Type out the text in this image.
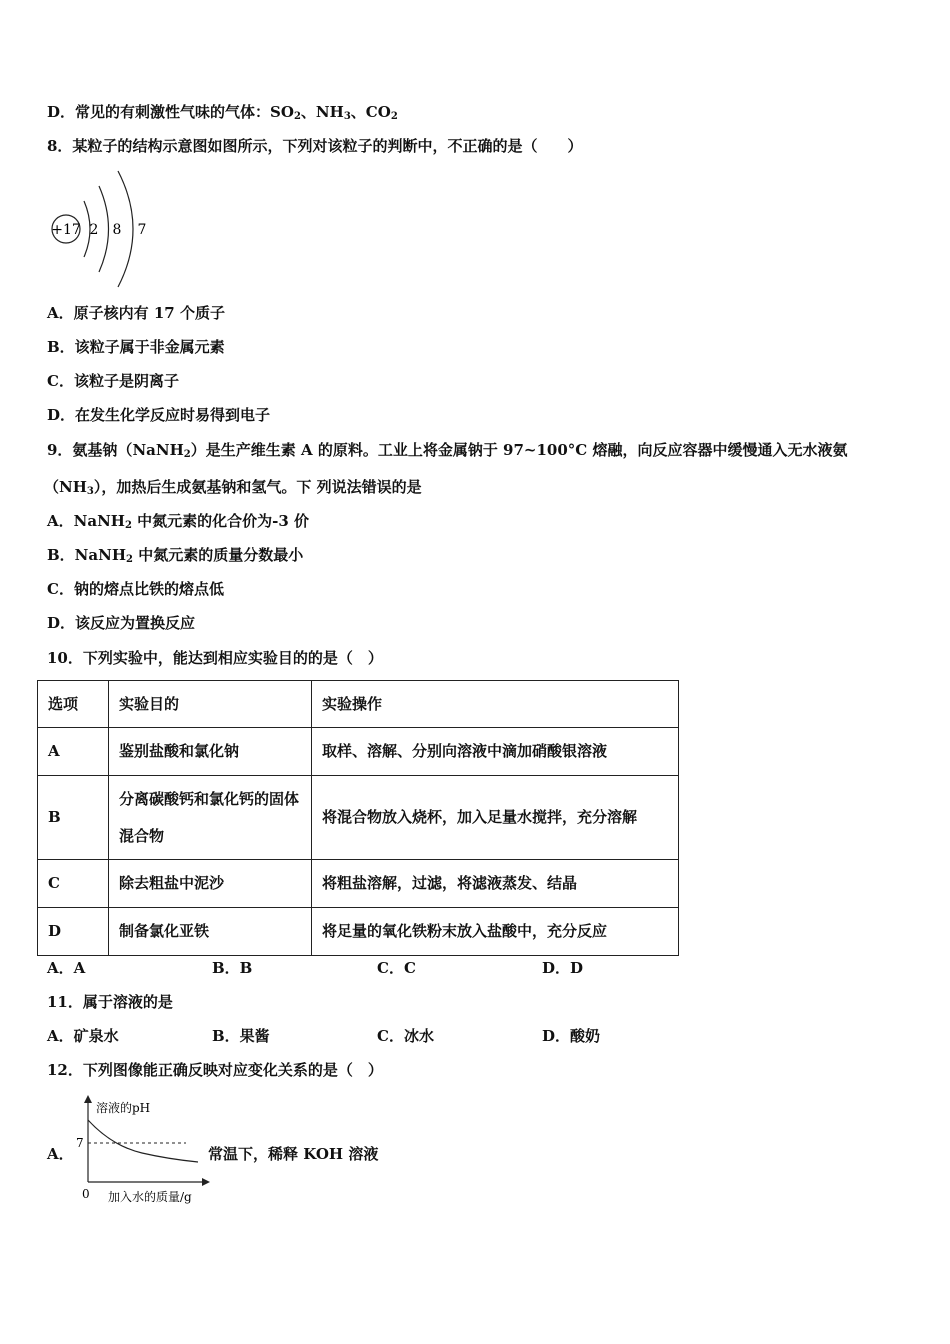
D．常见的有刺激性气味的气体：$SO_2$、$NH_3$、$CO_2$
8．某粒子的结构示意图如图所示，下列对该粒子的判断中，不正确的是（　　）
+17 2 8 7
A．原子核内有 17 个质子
B．该粒子属于非金属元素
C．该粒子是阴离子
D．在发生化学反应时易得到电子
9．氨基钠（NaNH$_2$）是生产维生素 A 的原料。工业上将金属钠于 97~100°C 熔融，向反应容器中缓慢通入无水液氨
$(NH_3)$，加热后生成氨基钠和氢气。下 列说法错误的是
A．NaNH$_2$ 中氮元素的化合价为-3 价
B．NaNH$_2$ 中氮元素的质量分数最小
C．钠的熔点比铁的熔点低
D．该反应为置换反应
10．下列实验中，能达到相应实验目的的是（　）
选项	实验目的	实验操作
A	鉴别盐酸和氯化钠	取样、溶解、分别向溶液中滴加硝酸银溶液
B	分离碳酸钙和氯化钙的固体混合物	将混合物放入烧杯，加入足量水搅拌，充分溶解
C	除去粗盐中泥沙	将粗盐溶解，过滤，将滤液蒸发、结晶
D	制备氯化亚铁	将足量的氧化铁粉末放入盐酸中，充分反应
A．A	B．B	C．C	D．D
11．属于溶液的是
A．矿泉水	B．果酱	C．冰水	D．酸奶
12．下列图像能正确反映对应变化关系的是（　）
A．
溶液的pH
7
0 加入水的质量/g
常温下，稀释 KOH 溶液
